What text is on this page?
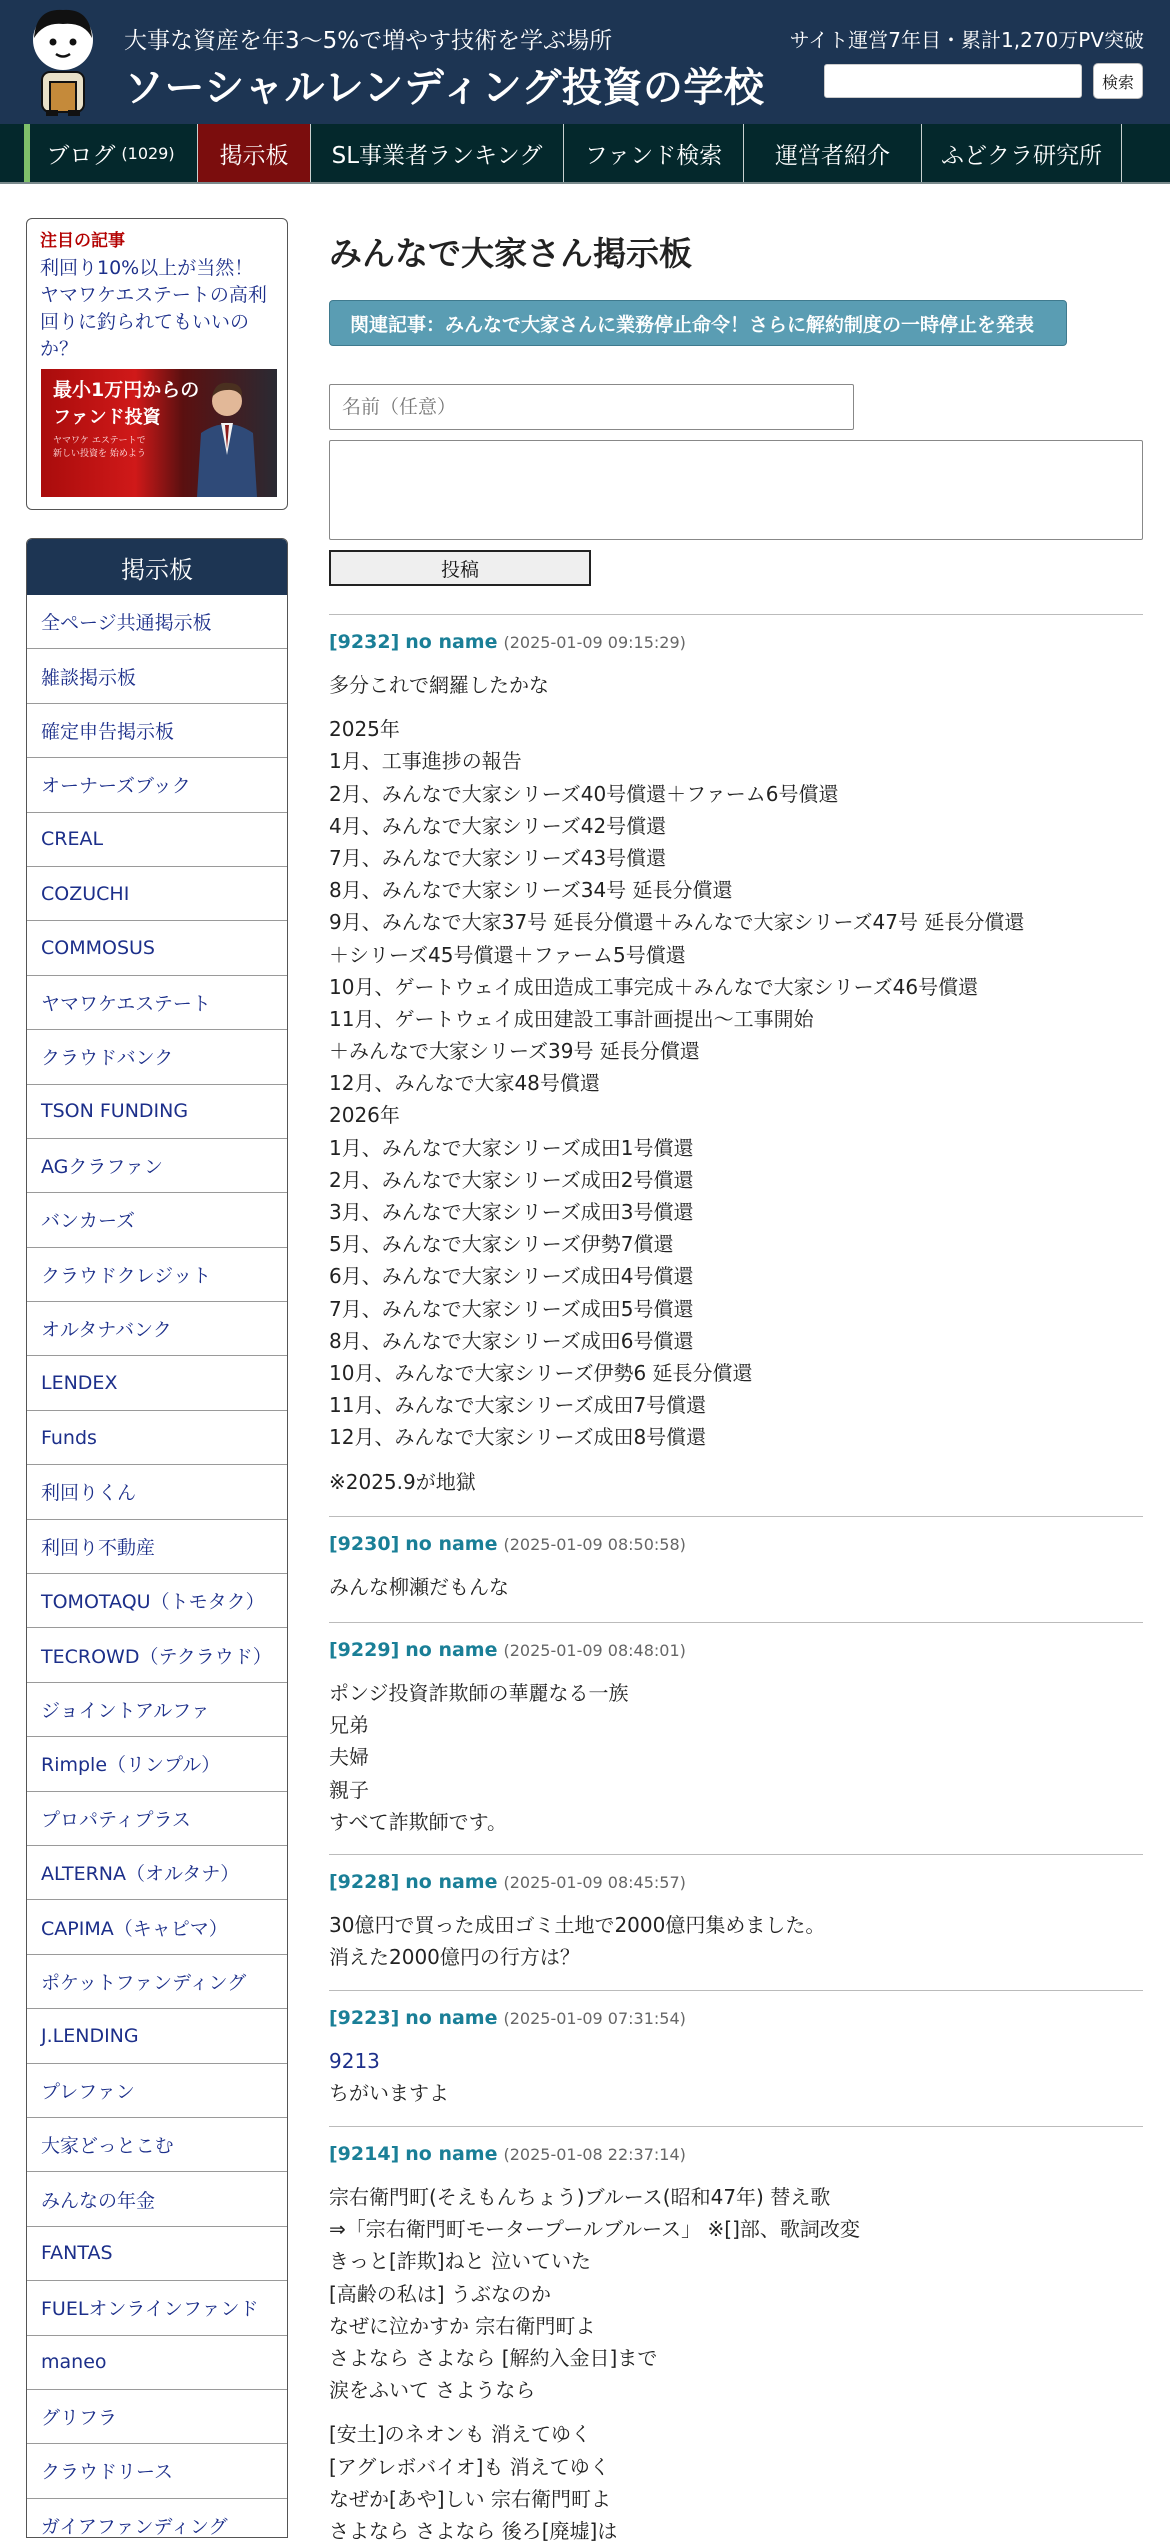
大事な資産を年3〜5%で増やす技術を学ぶ場所
ソーシャルレンディング投資の学校
サイト運営7年目・累計1,270万PV突破
検索
ブログ (1029) 掲示板 SL事業者ランキング ファンド検索 運営者紹介 ふどクラ研究所
注目の記事
利回り10%以上が当然！
ヤマワケエステートの高利
回りに釣られてもいいの
か？
最小1万円からの
ファンド投資
ヤマワケ エステートで
新しい投資を 始めよう
掲示板
全ページ共通掲示板
雑談掲示板
確定申告掲示板
オーナーズブック
CREAL
COZUCHI
COMMOSUS
ヤマワケエステート
クラウドバンク
TSON FUNDING
AGクラファン
バンカーズ
クラウドクレジット
オルタナバンク
LENDEX
Funds
利回りくん
利回り不動産
TOMOTAQU（トモタク）
TECROWD（テクラウド）
ジョイントアルファ
Rimple（リンプル）
プロパティプラス
ALTERNA（オルタナ）
CAPIMA（キャピマ）
ポケットファンディング
J.LENDING
プレファン
大家どっとこむ
みんなの年金
FANTAS
FUELオンラインファンド
maneo
グリフラ
クラウドリース
ガイアファンディング
みんなで大家さん掲示板
関連記事：みんなで大家さんに業務停止命令！さらに解約制度の一時停止を発表
名前（任意）
投稿
[9232] no name (2025-01-09 09:15:29)
多分これで網羅したかな
2025年
1月、工事進捗の報告
2月、みんなで大家シリーズ40号償還＋ファーム6号償還
4月、みんなで大家シリーズ42号償還
7月、みんなで大家シリーズ43号償還
8月、みんなで大家シリーズ34号 延長分償還
9月、みんなで大家37号 延長分償還＋みんなで大家シリーズ47号 延長分償還
＋シリーズ45号償還＋ファーム5号償還
10月、ゲートウェイ成田造成工事完成＋みんなで大家シリーズ46号償還
11月、ゲートウェイ成田建設工事計画提出〜工事開始
＋みんなで大家シリーズ39号 延長分償還
12月、みんなで大家48号償還
2026年
1月、みんなで大家シリーズ成田1号償還
2月、みんなで大家シリーズ成田2号償還
3月、みんなで大家シリーズ成田3号償還
5月、みんなで大家シリーズ伊勢7償還
6月、みんなで大家シリーズ成田4号償還
7月、みんなで大家シリーズ成田5号償還
8月、みんなで大家シリーズ成田6号償還
10月、みんなで大家シリーズ伊勢6 延長分償還
11月、みんなで大家シリーズ成田7号償還
12月、みんなで大家シリーズ成田8号償還
※2025.9が地獄
[9230] no name (2025-01-09 08:50:58)
みんな柳瀬だもんな
[9229] no name (2025-01-09 08:48:01)
ポンジ投資詐欺師の華麗なる一族
兄弟
夫婦
親子
すべて詐欺師です。
[9228] no name (2025-01-09 08:45:57)
30億円で買った成田ゴミ土地で2000億円集めました。
消えた2000億円の行方は？
[9223] no name (2025-01-09 07:31:54)
9213
ちがいますよ
[9214] no name (2025-01-08 22:37:14)
宗右衛門町(そえもんちょう)ブルース(昭和47年) 替え歌
⇒「宗右衛門町モータープールブルース」 ※[]部、歌詞改変
きっと[詐欺]ねと 泣いていた
[高齢の私は] うぶなのか
なぜに泣かすか 宗右衛門町よ
さよなら さよなら [解約入金日]まで
涙をふいて さようなら
[安土]のネオンも 消えてゆく
[アグレボバイオ]も 消えてゆく
なぜか[あや]しい 宗右衛門町よ
さよなら さよなら 後ろ[廃墟]は
